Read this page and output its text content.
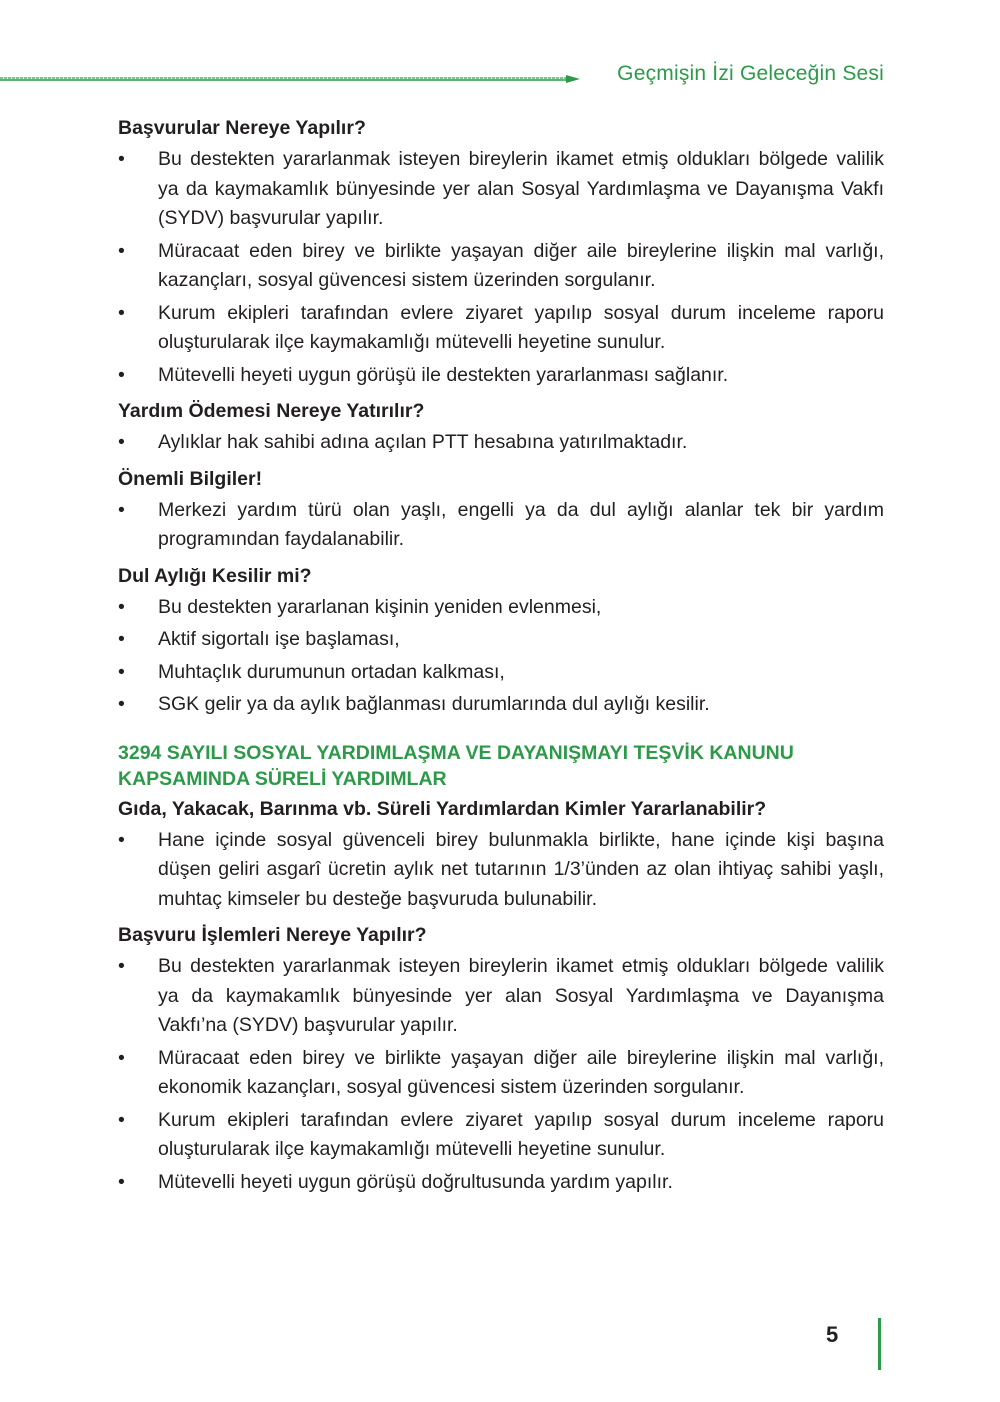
Geçmişin İzi Geleceğin Sesi
Başvurular Nereye Yapılır?
• Bu destekten yararlanmak isteyen bireylerin ikamet etmiş oldukları bölgede valilik ya da kaymakamlık bünyesinde yer alan Sosyal Yardımlaşma ve Dayanışma Vakfı (SYDV) başvurular yapılır.
• Müracaat eden birey ve birlikte yaşayan diğer aile bireylerine ilişkin mal varlığı, kazançları, sosyal güvencesi sistem üzerinden sorgulanır.
• Kurum ekipleri tarafından evlere ziyaret yapılıp sosyal durum inceleme raporu oluşturularak ilçe kaymakamlığı mütevelli heyetine sunulur.
• Mütevelli heyeti uygun görüşü ile destekten yararlanması sağlanır.
Yardım Ödemesi Nereye Yatırılır?
• Aylıklar hak sahibi adına açılan PTT hesabına yatırılmaktadır.
Önemli Bilgiler!
• Merkezi yardım türü olan yaşlı, engelli ya da dul aylığı alanlar tek bir yardım programından faydalanabilir.
Dul Aylığı Kesilir mi?
• Bu destekten yararlanan kişinin yeniden evlenmesi,
• Aktif sigortalı işe başlaması,
• Muhtaçlık durumunun ortadan kalkması,
• SGK gelir ya da aylık bağlanması durumlarında dul aylığı kesilir.
3294 SAYILI SOSYAL YARDIMLAŞMA VE DAYANIŞMAYI TEŞVİK KANUNU
KAPSAMINDA SÜRELİ YARDIMLAR
Gıda, Yakacak, Barınma vb. Süreli Yardımlardan Kimler Yararlanabilir?
• Hane içinde sosyal güvenceli birey bulunmakla birlikte, hane içinde kişi başına düşen geliri asgarî ücretin aylık net tutarının 1/3’ünden az olan ihtiyaç sahibi yaşlı, muhtaç kimseler bu desteğe başvuruda bulunabilir.
Başvuru İşlemleri Nereye Yapılır?
• Bu destekten yararlanmak isteyen bireylerin ikamet etmiş oldukları bölgede valilik ya da kaymakamlık bünyesinde yer alan Sosyal Yardımlaşma ve Dayanışma Vakfı’na (SYDV) başvurular yapılır.
• Müracaat eden birey ve birlikte yaşayan diğer aile bireylerine ilişkin mal varlığı, ekonomik kazançları, sosyal güvencesi sistem üzerinden sorgulanır.
• Kurum ekipleri tarafından evlere ziyaret yapılıp sosyal durum inceleme raporu oluşturularak ilçe kaymakamlığı mütevelli heyetine sunulur.
• Mütevelli heyeti uygun görüşü doğrultusunda yardım yapılır.
5
